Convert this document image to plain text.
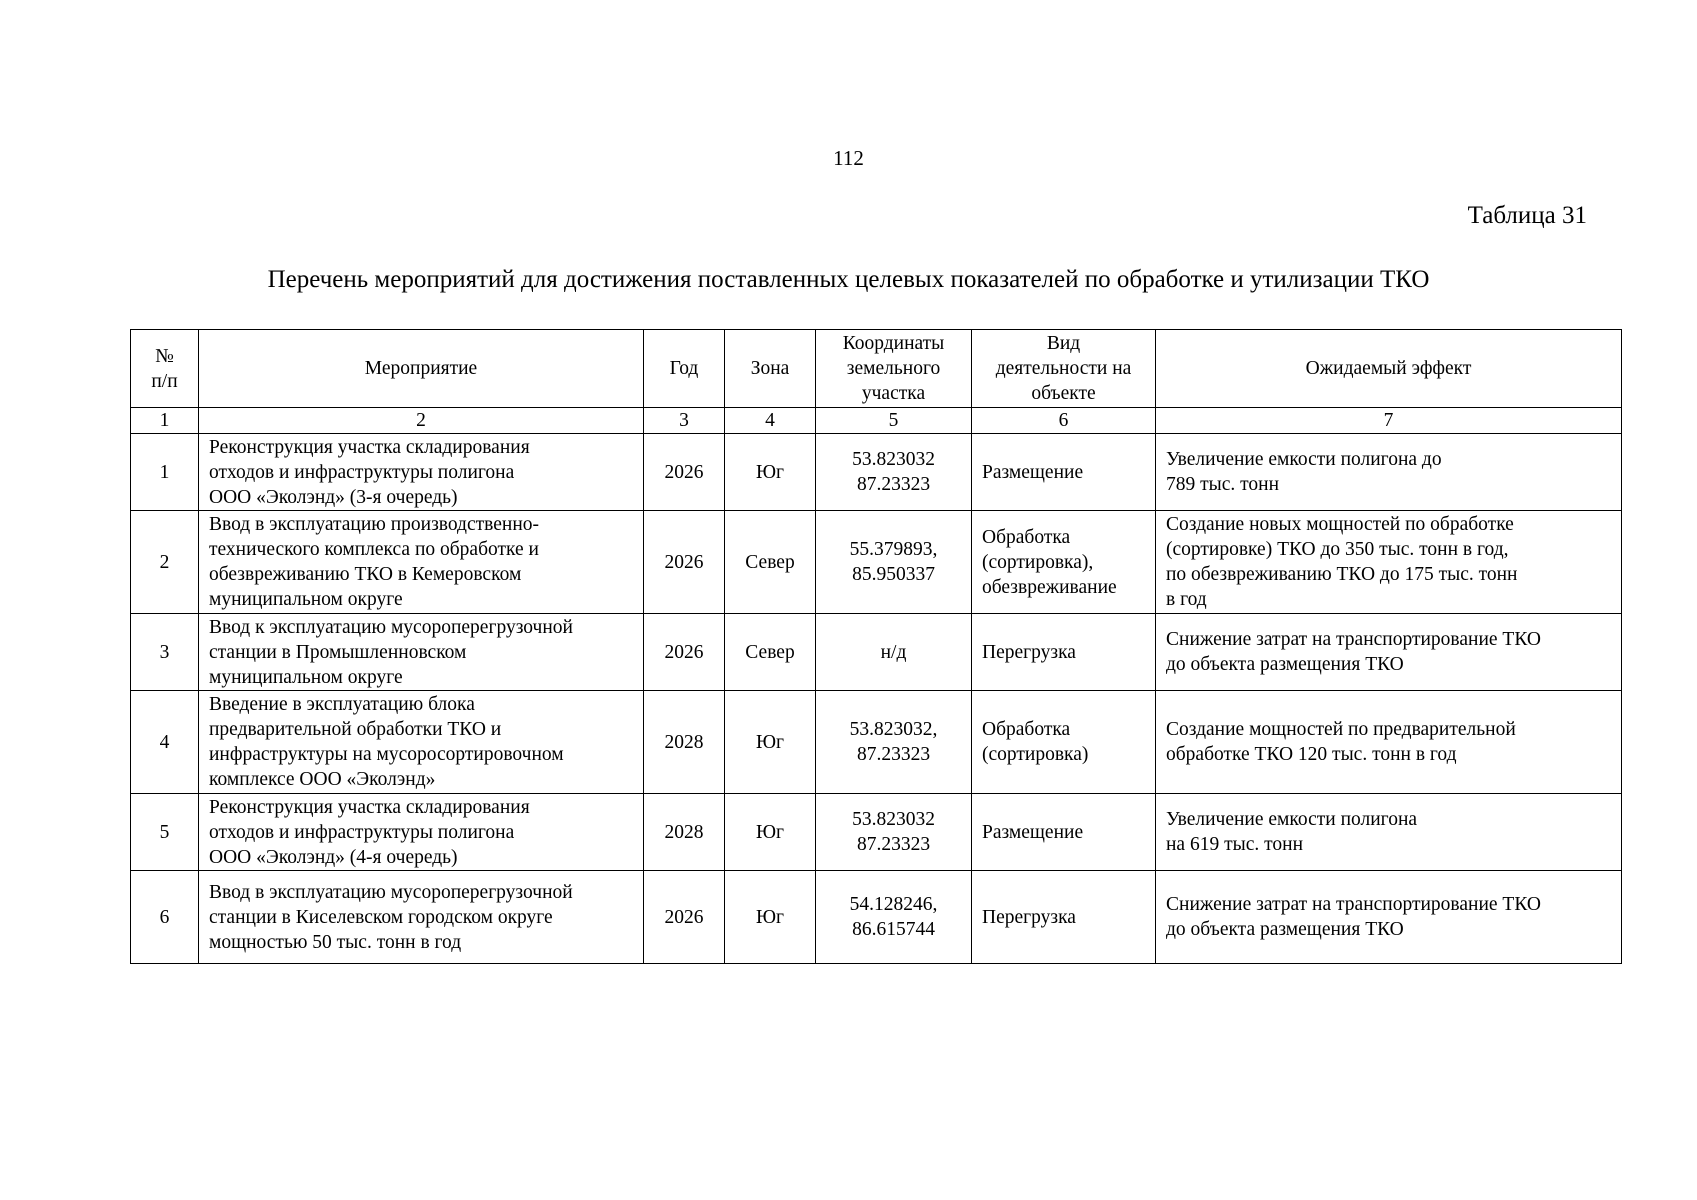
112
Таблица 31
Перечень мероприятий для достижения поставленных целевых показателей по обработке и утилизации ТКО
№
п/п	Мероприятие	Год	Зона	Координаты
земельного
участка	Вид
деятельности на
объекте	Ожидаемый эффект
1	2	3	4	5	6	7
1	Реконструкция участка складирования
отходов и инфраструктуры полигона
ООО «Эколэнд» (3-я очередь)	2026	Юг	53.823032
87.23323	Размещение	Увеличение емкости полигона до
789 тыс. тонн
2	Ввод в эксплуатацию производственно-
технического комплекса по обработке и
обезвреживанию ТКО в Кемеровском
муниципальном округе	2026	Север	55.379893,
85.950337	Обработка
(сортировка),
обезвреживание	Создание новых мощностей по обработке
(сортировке) ТКО до 350 тыс. тонн в год,
по обезвреживанию ТКО до 175 тыс. тонн
в год
3	Ввод к эксплуатацию мусороперегрузочной
станции в Промышленновском
муниципальном округе	2026	Север	н/д	Перегрузка	Снижение затрат на транспортирование ТКО
до объекта размещения ТКО
4	Введение в эксплуатацию блока
предварительной обработки ТКО и
инфраструктуры на мусоросортировочном
комплексе ООО «Эколэнд»	2028	Юг	53.823032,
87.23323	Обработка
(сортировка)	Создание мощностей по предварительной
обработке ТКО 120 тыс. тонн в год
5	Реконструкция участка складирования
отходов и инфраструктуры полигона
ООО «Эколэнд» (4-я очередь)	2028	Юг	53.823032
87.23323	Размещение	Увеличение емкости полигона
на 619 тыс. тонн
6	Ввод в эксплуатацию мусороперегрузочной
станции в Киселевском городском округе
мощностью 50 тыс. тонн в год	2026	Юг	54.128246,
86.615744	Перегрузка	Снижение затрат на транспортирование ТКО
до объекта размещения ТКО
